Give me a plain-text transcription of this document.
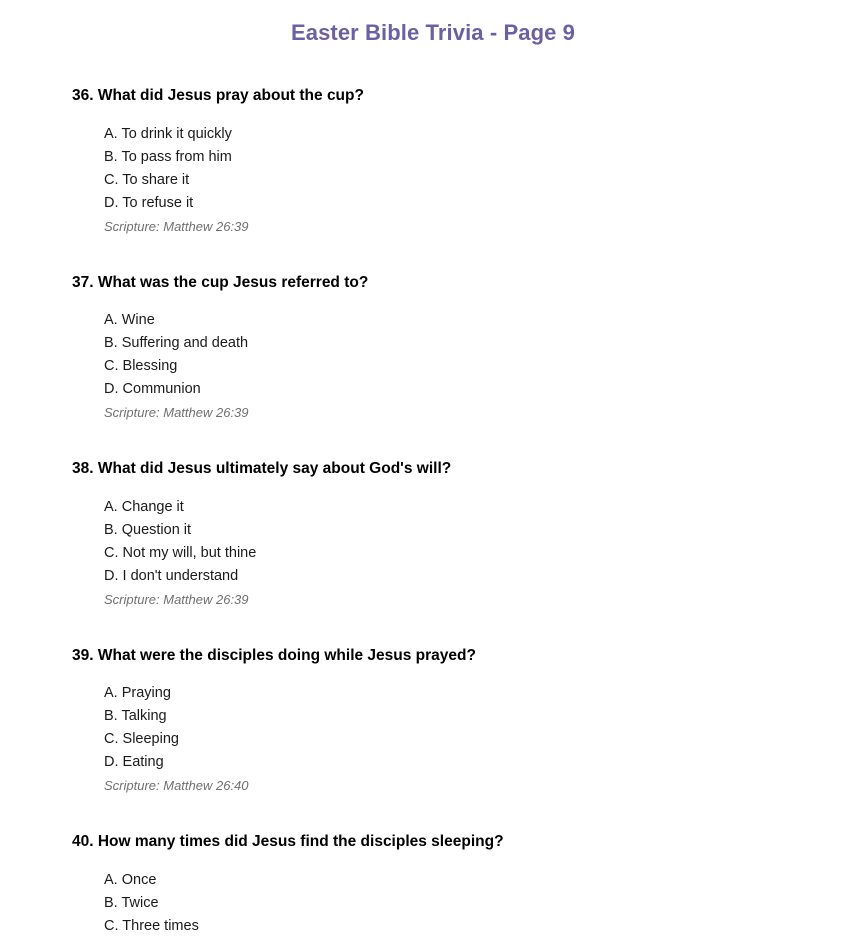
Easter Bible Trivia - Page 9
36. What did Jesus pray about the cup?
A. To drink it quickly
B. To pass from him
C. To share it
D. To refuse it
Scripture: Matthew 26:39
37. What was the cup Jesus referred to?
A. Wine
B. Suffering and death
C. Blessing
D. Communion
Scripture: Matthew 26:39
38. What did Jesus ultimately say about God's will?
A. Change it
B. Question it
C. Not my will, but thine
D. I don't understand
Scripture: Matthew 26:39
39. What were the disciples doing while Jesus prayed?
A. Praying
B. Talking
C. Sleeping
D. Eating
Scripture: Matthew 26:40
40. How many times did Jesus find the disciples sleeping?
A. Once
B. Twice
C. Three times
